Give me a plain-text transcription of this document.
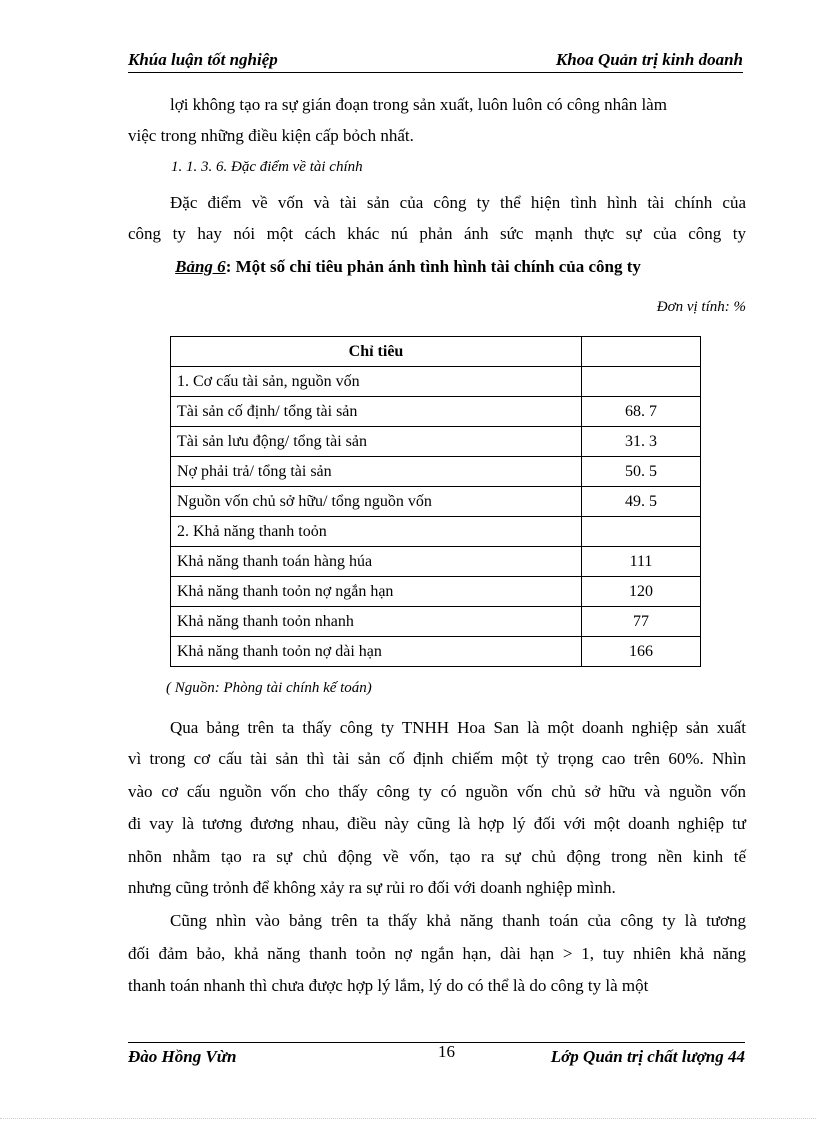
Khúa luận tốt nghiệp	Khoa Quản trị kinh doanh
lợi không tạo ra sự gián đoạn trong sản xuất, luôn luôn có công nhân làm
việc trong những điều kiện cấp bỏch nhất.
1. 1. 3. 6. Đặc điểm về tài chính
Đặc điểm về vốn và tài sản của công ty thể hiện tình hình tài chính của
công ty hay nói một cách khác nú phản ánh sức mạnh thực sự của công ty
Bảng 6: Một số chỉ tiêu phản ánh tình hình tài chính của công ty
Đơn vị tính: %
Chỉ tiêu	
1. Cơ cấu tài sản, nguồn vốn	
Tài sản cố định/ tổng tài sản	68. 7
Tài sản lưu động/ tổng tài sản	31. 3
Nợ phải trả/ tổng tài sản	50. 5
Nguồn vốn chủ sở hữu/ tổng nguồn vốn	49. 5
2. Khả năng thanh toỏn	
Khả năng thanh toán hàng húa	111
Khả năng thanh toỏn nợ ngắn hạn	120
Khả năng thanh toỏn nhanh	77
Khả năng thanh toỏn nợ dài hạn	166
( Nguồn: Phòng tài chính kế toán)
Qua bảng trên ta thấy công ty TNHH Hoa San là một doanh nghiệp sản xuất
vì trong cơ cấu tài sản thì tài sản cố định chiếm một tỷ trọng cao trên 60%. Nhìn
vào cơ cấu nguồn vốn cho thấy công ty có nguồn vốn chủ sở hữu và nguồn vốn
đi vay là tương đương nhau, điều này cũng là hợp lý đối với một doanh nghiệp tư
nhõn nhằm tạo ra sự chủ động về vốn, tạo ra sự chủ động trong nền kinh tế
nhưng cũng trỏnh để không xảy ra sự rủi ro đối với doanh nghiệp mình.
Cũng nhìn vào bảng trên ta thấy khả năng thanh toán của công ty là tương
đối đảm bảo, khả năng thanh toỏn nợ ngắn hạn, dài hạn > 1, tuy nhiên khả năng
thanh toán nhanh thì chưa được hợp lý lắm, lý do có thể là do công ty là một
Đào Hồng Vừn	16	Lớp Quản trị chất lượng 44
